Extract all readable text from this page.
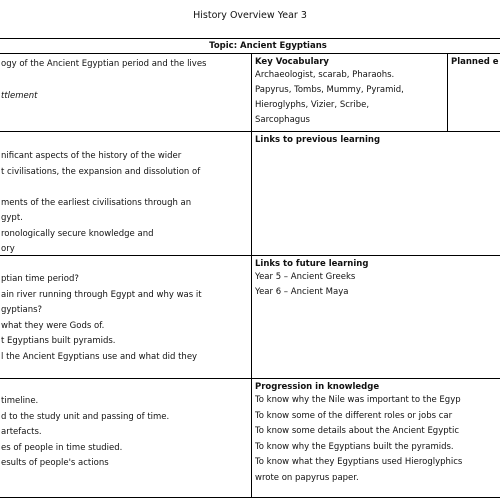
History Overview Year 3
Topic: Ancient Egyptians
ogy of the Ancient Egyptian period and the lives

ttlement
Key Vocabulary
Archaeologist, scarab, Pharaohs.
Papyrus, Tombs, Mummy, Pyramid,
Hieroglyphs, Vizier, Scribe,
Sarcophagus
Planned e
nificant aspects of the history of the wider
t civilisations, the expansion and dissolution of

ments of the earliest civilisations through an
gypt.
ronologically secure knowledge and
ory
Links to previous learning
ptian time period?
ain river running through Egypt and why was it
gyptians?
what they were Gods of.
t Egyptians built pyramids.
l the Ancient Egyptians use and what did they
Links to future learning
Year 5 – Ancient Greeks
Year 6 – Ancient Maya
timeline.
d to the study unit and passing of time.
artefacts.
es of people in time studied.
esults of people's actions
Progression in knowledge
To know why the Nile was important to the Egyp
To know some of the different roles or jobs car
To know some details about the Ancient Egyptic
To know why the Egyptians built the pyramids.
To know what they Egyptians used Hieroglyphics
wrote on papyrus paper.
